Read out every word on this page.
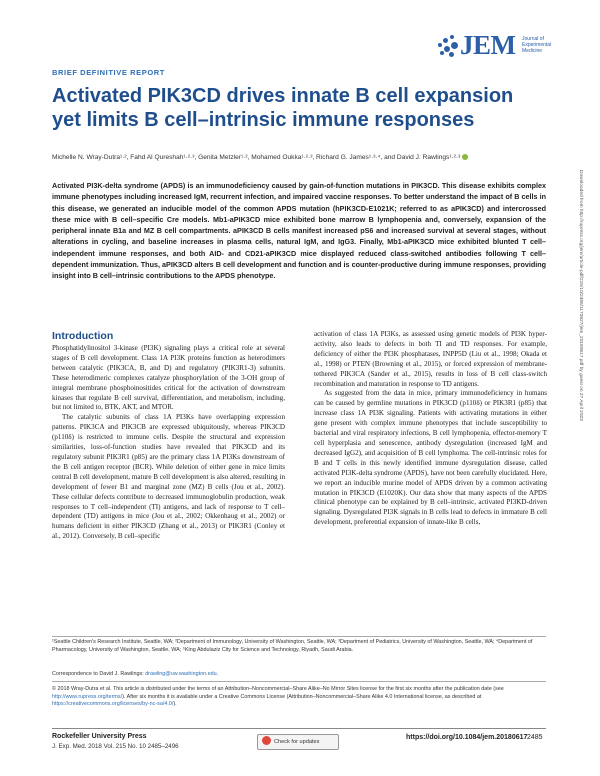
JEM Journal of Experimental Medicine
BRIEF DEFINITIVE REPORT
Activated PIK3CD drives innate B cell expansion yet limits B cell–intrinsic immune responses
Michelle N. Wray-Dutra¹·², Fahd Al Qureshah¹·²·³, Genita Metzler¹·², Mohamed Oukka¹·²·³, Richard G. James¹·³·⁴, and David J. Rawlings¹·²·³
Activated PI3K-delta syndrome (APDS) is an immunodeficiency caused by gain-of-function mutations in PIK3CD. This disease exhibits complex immune phenotypes including increased IgM, recurrent infection, and impaired vaccine responses. To better understand the impact of B cells in this disease, we generated an inducible model of the common APDS mutation (hPIK3CD-E1021K; referred to as aPIK3CD) and intercrossed these mice with B cell–specific Cre models. Mb1-aPIK3CD mice exhibited bone marrow B lymphopenia and, conversely, expansion of the peripheral innate B1a and MZ B cell compartments. aPIK3CD B cells manifest increased pS6 and increased survival at several stages, without alterations in cycling, and baseline increases in plasma cells, natural IgM, and IgG3. Finally, Mb1-aPIK3CD mice exhibited blunted T cell–independent immune responses, and both AID- and CD21-aPIK3CD mice displayed reduced class-switched antibodies following T cell–dependent immunization. Thus, aPIK3CD alters B cell development and function and is counter-productive during immune responses, providing insight into B cell–intrinsic contributions to the APDS phenotype.	Downloaded from http://rupress.org/jem/article-pdf/215/10/2485/1170927/jem_20180617.pdf by guest on 27 April 2023
Introduction

Phosphatidylinositol 3-kinase (PI3K) signaling plays a critical role at several stages of B cell development. Class 1A PI3K proteins function as heterodimers between catalytic (PIK3CA, B, and D) and regulatory (PIK3R1-3) subunits. These heterodimeric complexes catalyze phosphorylation of the 3-OH group of integral membrane phosphoinositides critical for the activation of downstream kinases that regulate B cell survival, differentiation, and metabolism, including, but not limited to, BTK, AKT, and MTOR.

The catalytic subunits of class 1A PI3Ks have overlapping expression patterns. PIK3CA and PIK3CB are expressed ubiquitously, whereas PIK3CD (p110δ) is restricted to immune cells. Despite the structural and expression similarities, loss-of-function studies have revealed that PIK3CD and its regulatory subunit PIK3R1 (p85) are the primary class 1A PI3Ks downstream of the B cell antigen receptor (BCR). While deletion of either gene in mice limits central B cell development, mature B cell development is also altered, resulting in development of fewer B1 and marginal zone (MZ) B cells (Jou et al., 2002). These cellular defects contribute to decreased immunoglobulin production, weak responses to T cell–independent (TI) antigens, and lack of response to T cell–dependent (TD) antigens in mice (Jou et al., 2002; Okkenhaug et al., 2002) or humans deficient in either PIK3CD (Zhang et al., 2013) or PIK3R1 (Conley et al., 2012). Conversely, B cell–specific

activation of class 1A PI3Ks, as assessed using genetic models of PI3K hyper-activity, also leads to defects in both TI and TD responses. For example, deficiency of either the PI3K phosphatases, INPP5D (Liu et al., 1998; Okada et al., 1998) or PTEN (Browning et al., 2015), or forced expression of membrane-tethered PIK3CA (Sander et al., 2015), results in loss of B cell class-switch recombination and maturation in response to TD antigens.

As suggested from the data in mice, primary immunodeficiency in humans can be caused by germline mutations in PIK3CD (p110δ) or PIK3R1 (p85) that increase class 1A PI3K signaling. Patients with activating mutations in either gene present with complex immune phenotypes that include susceptibility to bacterial and viral respiratory infections, B cell lymphopenia, effector-memory T cell hyperplasia and senescence, antibody dysregulation (increased IgM and decreased IgG2), and acquisition of B cell lymphoma. The cell-intrinsic roles for B and T cells in this newly identified immune dysregulation disease, called activated PI3K-delta syndrome (APDS), have not been carefully elucidated. Here, we report an inducible murine model of APDS driven by a common activating mutation in PIK3CD (E1020K). Our data show that many aspects of the APDS clinical phenotype can be explained by B cell–intrinsic, activated PI3KD-driven signaling. Dysregulated PI3K signals in B cells lead to defects in immature B cell development, preferential expansion of innate-like B cells,

¹Seattle Children's Research Institute, Seattle, WA; ²Department of Immunology, University of Washington, Seattle, WA; ³Department of Pediatrics, University of Washington, Seattle, WA; ⁴Department of Pharmacology, University of Washington, Seattle, WA; ⁵King Abdulaziz City for Science and Technology, Riyadh, Saudi Arabia.
Correspondence to David J. Rawlings: drawling@uw.washington.edu.
© 2018 Wray-Dutra et al. This article is distributed under the terms of an Attribution–Noncommercial–Share Alike–No Mirror Sites license for the first six months after the publication date (see http://www.rupress.org/terms/). After six months it is available under a Creative Commons License (Attribution–Noncommercial–Share Alike 4.0 International license, as described at https://creativecommons.org/licenses/by-nc-sa/4.0/).
Rockefeller University Press
J. Exp. Med. 2018 Vol. 215 No. 10 2485–2496
Check for updates
https://doi.org/10.1084/jem.20180617 2485
